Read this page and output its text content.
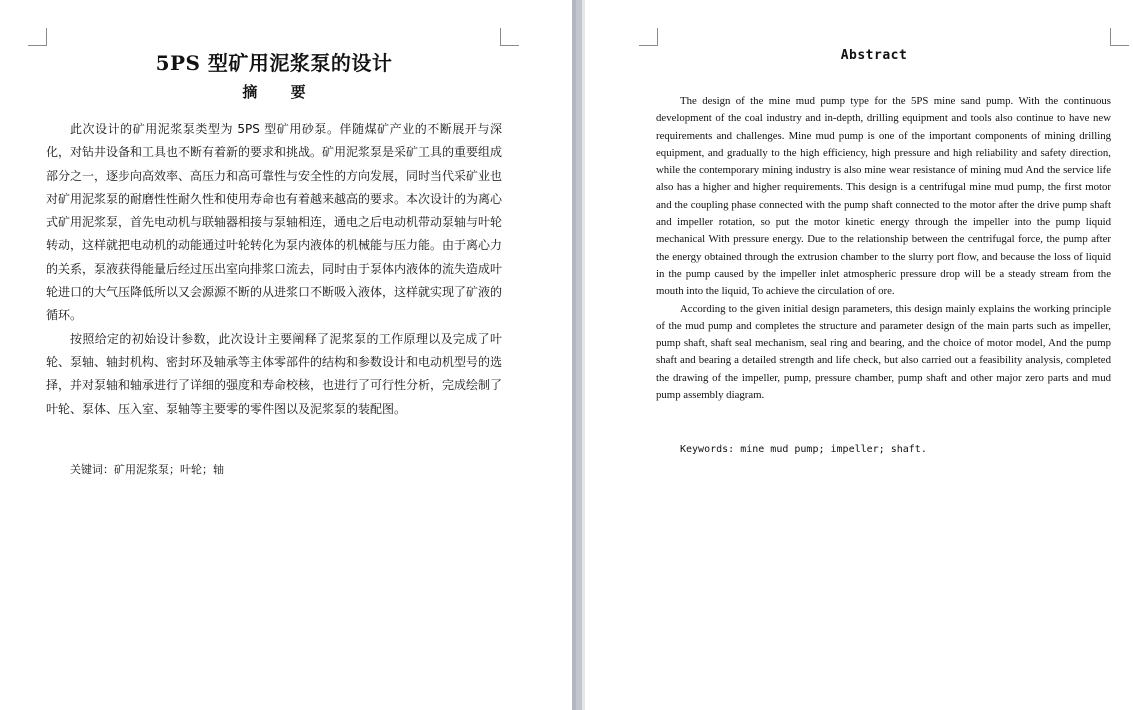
5PS 型矿用泥浆泵的设计
摘 要

此次设计的矿用泥浆泵类型为 5PS 型矿用砂泵。伴随煤矿产业的不断展开与深化，对钻井设备和工具也不断有着新的要求和挑战。矿用泥浆泵是采矿工具的重要组成部分之一，逐步向高效率、高压力和高可靠性与安全性的方向发展，同时当代采矿业也对矿用泥浆泵的耐磨性性耐久性和使用寿命也有着越来越高的要求。本次设计的为离心式矿用泥浆泵，首先电动机与联轴器相接与泵轴相连，通电之后电动机带动泵轴与叶轮转动，这样就把电动机的动能通过叶轮转化为泵内液体的机械能与压力能。由于离心力的关系，泵液获得能量后经过压出室向排浆口流去，同时由于泵体内液体的流失造成叶轮进口的大气压降低所以又会源源不断的从进浆口不断吸入液体，这样就实现了矿液的循环。

按照给定的初始设计参数，此次设计主要阐释了泥浆泵的工作原理以及完成了叶轮、泵轴、轴封机构、密封环及轴承等主体零部件的结构和参数设计和电动机型号的选择，并对泵轴和轴承进行了详细的强度和寿命校核，也进行了可行性分析，完成绘制了叶轮、泵体、压入室、泵轴等主要零的零件图以及泥浆泵的装配图。

关键词：矿用泥浆泵；叶轮；轴

Abstract

The design of the mine mud pump type for the 5PS mine sand pump. With the continuous development of the coal industry and in-depth, drilling equipment and tools also continue to have new requirements and challenges. Mine mud pump is one of the important components of mining drilling equipment, and gradually to the high efficiency, high pressure and high reliability and safety direction, while the contemporary mining industry is also mine wear resistance of mining mud And the service life also has a higher and higher requirements. This design is a centrifugal mine mud pump, the first motor and the coupling phase connected with the pump shaft connected to the motor after the drive pump shaft and impeller rotation, so put the motor kinetic energy through the impeller into the pump liquid mechanical With pressure energy. Due to the relationship between the centrifugal force, the pump after the energy obtained through the extrusion chamber to the slurry port flow, and because the loss of liquid in the pump caused by the impeller inlet atmospheric pressure drop will be a steady stream from the mouth into the liquid, To achieve the circulation of ore.

According to the given initial design parameters, this design mainly explains the working principle of the mud pump and completes the structure and parameter design of the main parts such as impeller, pump shaft, shaft seal mechanism, seal ring and bearing, and the choice of motor model, And the pump shaft and bearing a detailed strength and life check, but also carried out a feasibility analysis, completed the drawing of the impeller, pump, pressure chamber, pump shaft and other major zero parts and mud pump assembly diagram.

Keywords: mine mud pump; impeller; shaft.
